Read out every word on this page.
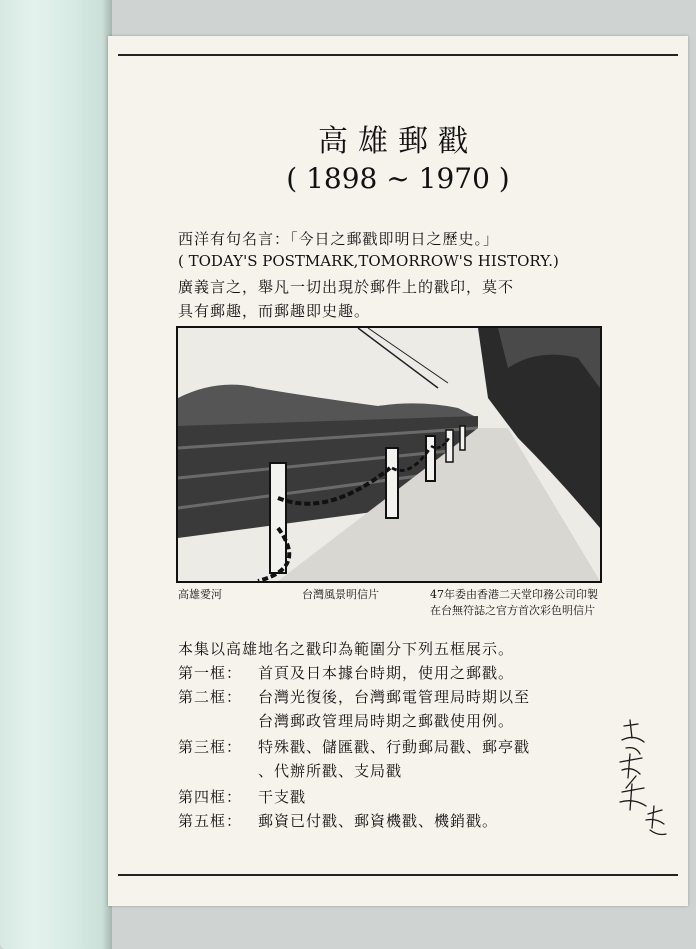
高雄郵戳
( 1898 ~ 1970 )
西洋有句名言：「今日之郵戳即明日之歷史。」
( TODAY'S POSTMARK,TOMORROW'S HISTORY.)
廣義言之，舉凡一切出現於郵件上的戳印，莫不
具有郵趣，而郵趣即史趣。
高雄愛河	台灣風景明信片	47年委由香港二天堂印務公司印製
在台無符誌之官方首次彩色明信片
本集以高雄地名之戳印為範圍分下列五框展示。
第一框： 首頁及日本據台時期，使用之郵戳。
第二框： 台灣光復後，台灣郵電管理局時期以至
台灣郵政管理局時期之郵戳使用例。
第三框： 特殊戳、儲匯戳、行動郵局戳、郵亭戳
、代辦所戳、支局戳
第四框： 干支戳
第五框： 郵資已付戳、郵資機戳、機銷戳。
